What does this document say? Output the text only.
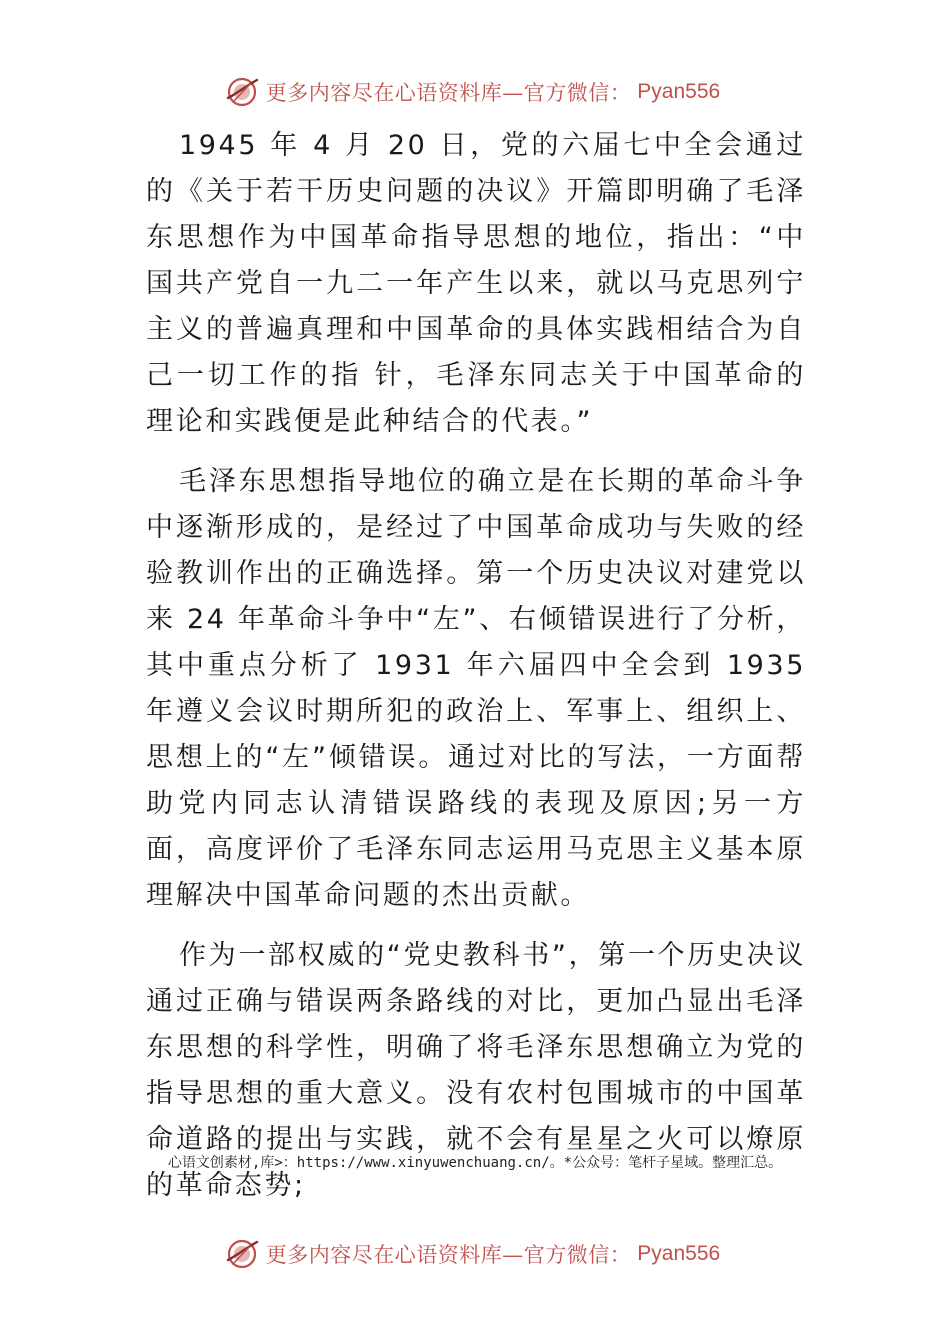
更多内容尽在心语资料库—官方微信： Pyan556

1945 年 4 月 20 日，党的六届七中全会通过的《关于若干历史问题的决议》开篇即明确了毛泽东思想作为中国革命指导思想的地位，指出：“中国共产党自一九二一年产生以来，就以马克思列宁主义的普遍真理和中国革命的具体实践相结合为自己一切工作的指 针，毛泽东同志关于中国革命的理论和实践便是此种结合的代表。”

毛泽东思想指导地位的确立是在长期的革命斗争中逐渐形成的，是经过了中国革命成功与失败的经验教训作出的正确选择。第一个历史决议对建党以来 24 年革命斗争中“左”、右倾错误进行了分析，其中重点分析了 1931 年六届四中全会到 1935 年遵义会议时期所犯的政治上、军事上、组织上、思想上的“左”倾错误。通过对比的写法，一方面帮助党内同志认清错误路线的表现及原因;另一方面，高度评价了毛泽东同志运用马克思主义基本原理解决中国革命问题的杰出贡献。

作为一部权威的“党史教科书”，第一个历史决议通过正确与错误两条路线的对比，更加凸显出毛泽东思想的科学性，明确了将毛泽东思想确立为党的指导思想的重大意义。没有农村包围城市的中国革命道路的提出与实践，就不会有星星之火可以燎原的革命态势;

心语文创素材,库>：https://www.xinyuwenchuang.cn/。*公众号：笔杆子星域。整理汇总。
更多内容尽在心语资料库—官方微信： Pyan556
